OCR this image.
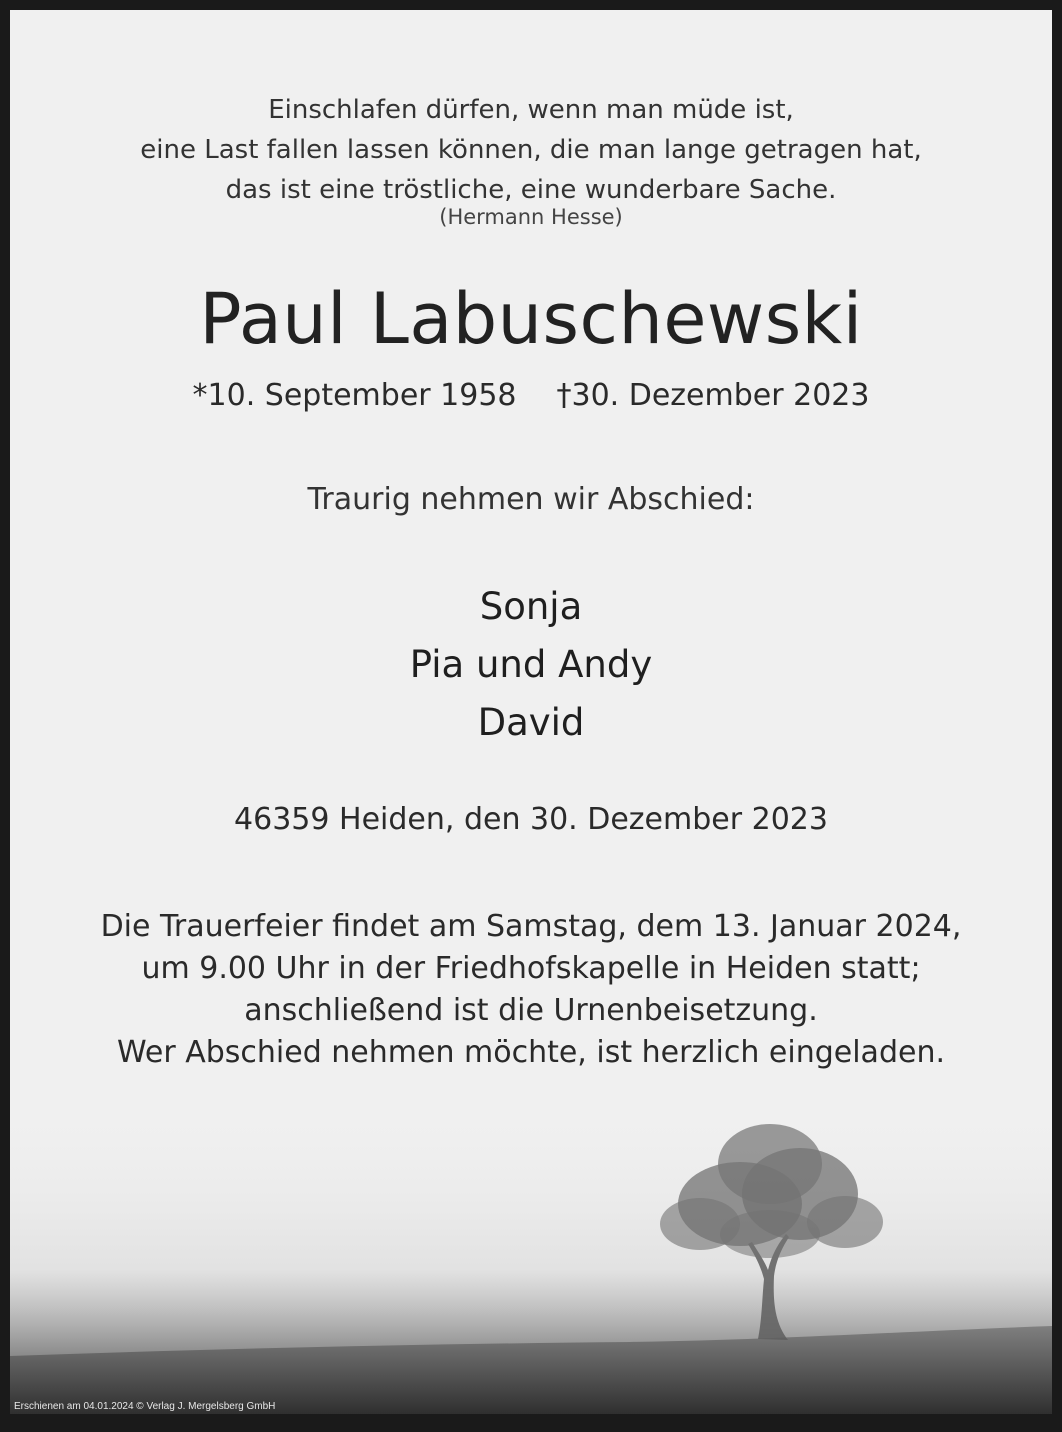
Einschlafen dürfen, wenn man müde ist,
eine Last fallen lassen können, die man lange getragen hat,
das ist eine tröstliche, eine wunderbare Sache.
(Hermann Hesse)
Paul Labuschewski
*10. September 1958 †30. Dezember 2023
Traurig nehmen wir Abschied:
Sonja
Pia und Andy
David
46359 Heiden, den 30. Dezember 2023
Die Trauerfeier findet am Samstag, dem 13. Januar 2024,
um 9.00 Uhr in der Friedhofskapelle in Heiden statt;
anschließend ist die Urnenbeisetzung.
Wer Abschied nehmen möchte, ist herzlich eingeladen.
Erschienen am 04.01.2024 © Verlag J. Mergelsberg GmbH
